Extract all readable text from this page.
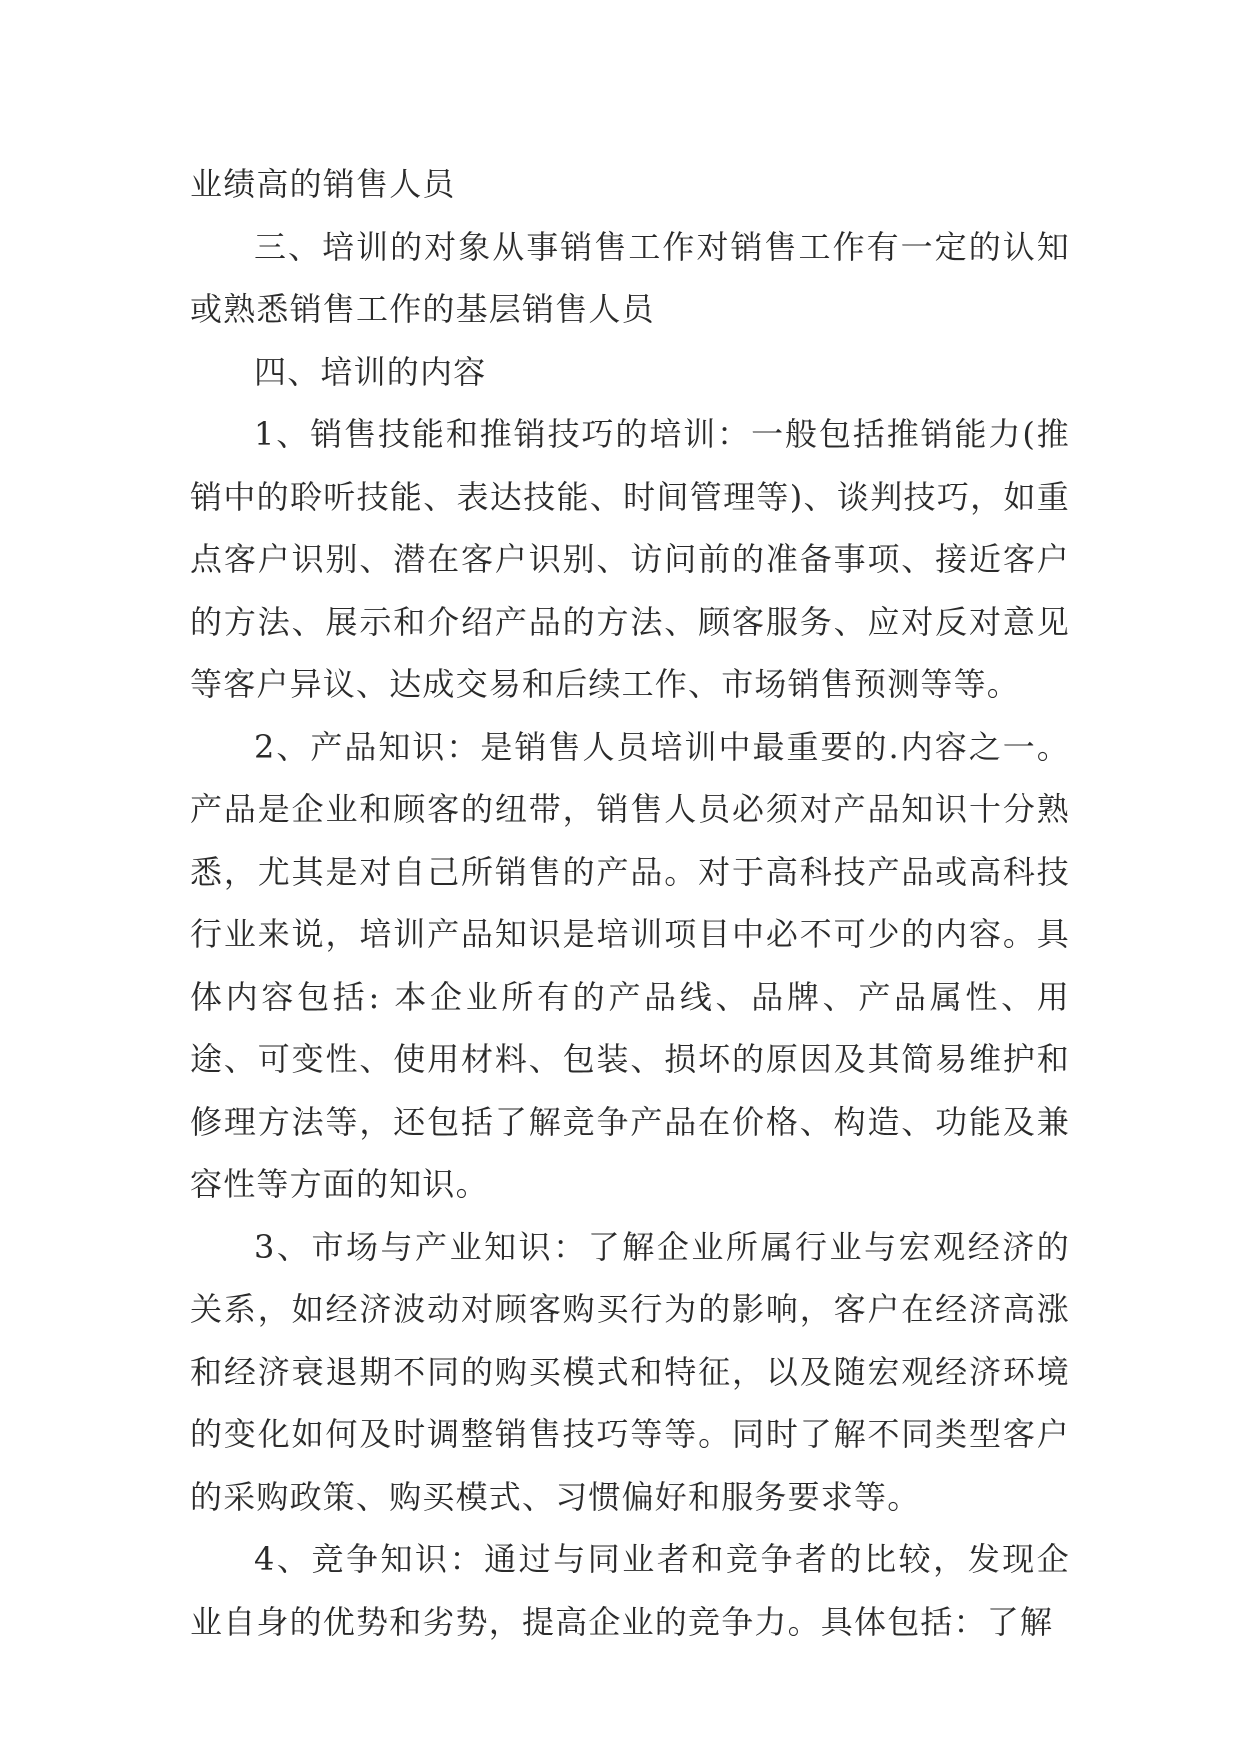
业绩高的销售人员

三、培训的对象从事销售工作对销售工作有一定的认知或熟悉销售工作的基层销售人员

四、培训的内容

1、销售技能和推销技巧的培训：一般包括推销能力(推销中的聆听技能、表达技能、时间管理等)、谈判技巧，如重点客户识别、潜在客户识别、访问前的准备事项、接近客户的方法、展示和介绍产品的方法、顾客服务、应对反对意见等客户异议、达成交易和后续工作、市场销售预测等等。

2、产品知识：是销售人员培训中最重要的.内容之一。产品是企业和顾客的纽带，销售人员必须对产品知识十分熟悉，尤其是对自己所销售的产品。对于高科技产品或高科技行业来说，培训产品知识是培训项目中必不可少的内容。具体内容包括: 本企业所有的产品线、品牌、产品属性、用途、可变性、使用材料、包装、损坏的原因及其简易维护和修理方法等，还包括了解竞争产品在价格、构造、功能及兼容性等方面的知识。

3、市场与产业知识：了解企业所属行业与宏观经济的关系，如经济波动对顾客购买行为的影响，客户在经济高涨和经济衰退期不同的购买模式和特征，以及随宏观经济环境的变化如何及时调整销售技巧等等。同时了解不同类型客户的采购政策、购买模式、习惯偏好和服务要求等。

4、竞争知识：通过与同业者和竞争者的比较，发现企业自身的优势和劣势，提高企业的竞争力。具体包括：了解
